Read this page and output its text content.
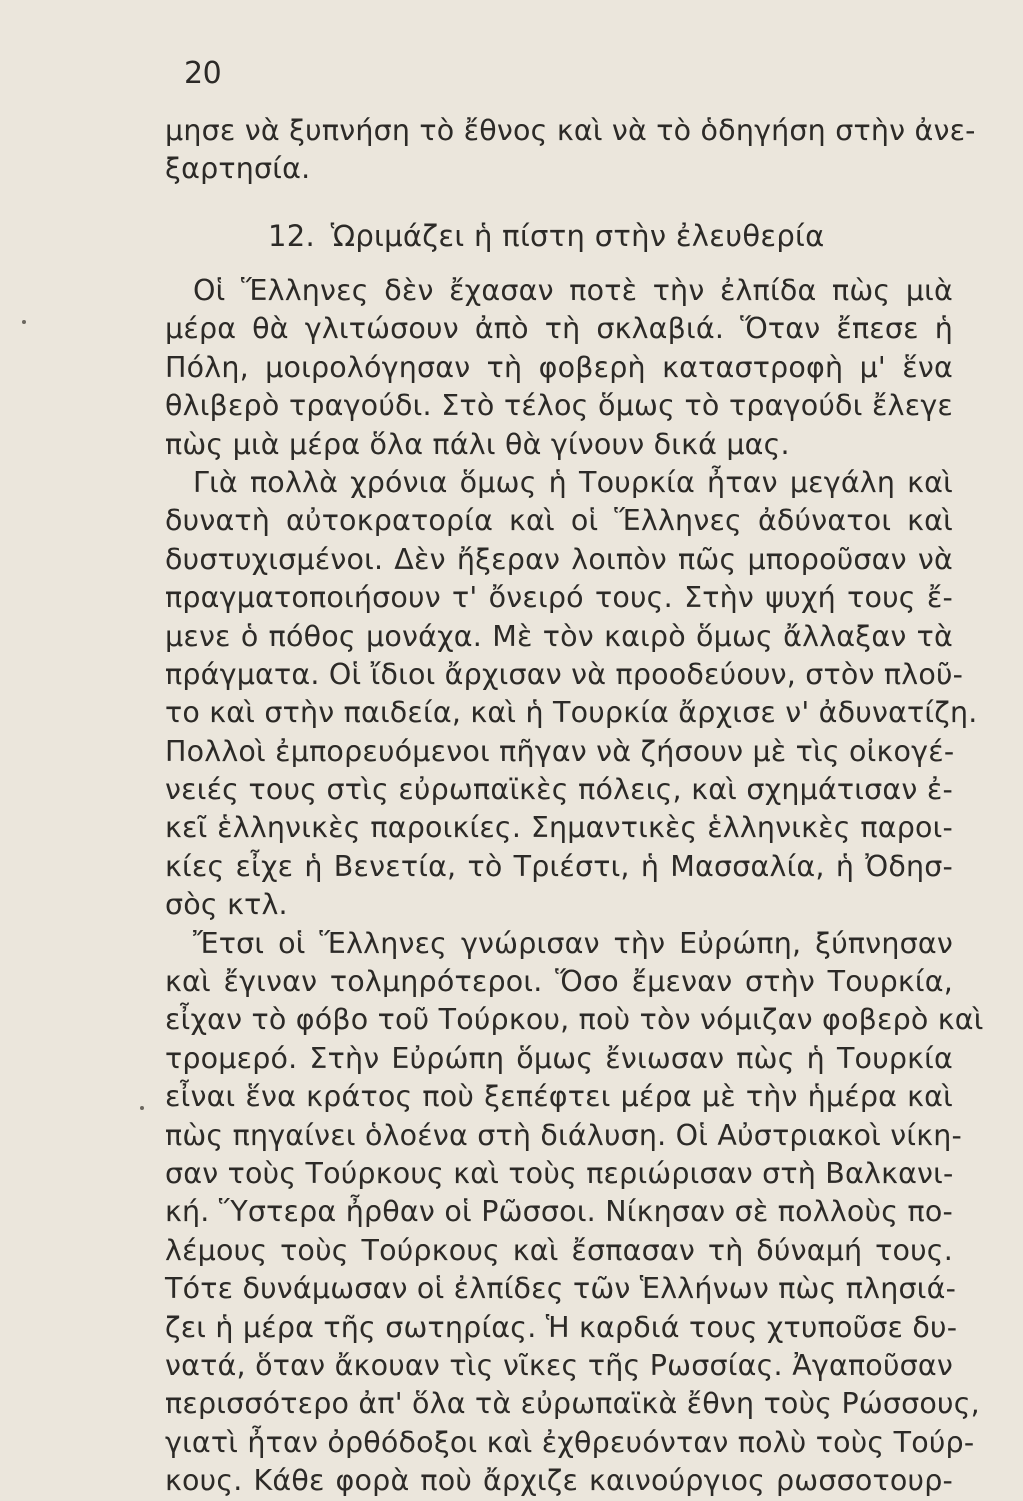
20
μησε νὰ ξυπνήση τὸ ἔθνος καὶ νὰ τὸ ὁδηγήση στὴν ἀνε-
ξαρτησία.
12. Ὡριμάζει ἡ πίστη στὴν ἐλευθερία
Οἱ Ἕλληνες δὲν ἔχασαν ποτὲ τὴν ἐλπίδα πὼς μιὰ
μέρα θὰ γλιτώσουν ἀπὸ τὴ σκλαβιά. Ὅταν ἔπεσε ἡ
Πόλη, μοιρολόγησαν τὴ φοβερὴ καταστροφὴ μ' ἕνα
θλιβερὸ τραγούδι. Στὸ τέλος ὅμως τὸ τραγούδι ἔλεγε
πὼς μιὰ μέρα ὅλα πάλι θὰ γίνουν δικά μας.
Γιὰ πολλὰ χρόνια ὅμως ἡ Τουρκία ἦταν μεγάλη καὶ
δυνατὴ αὐτοκρατορία καὶ οἱ Ἕλληνες ἀδύνατοι καὶ
δυστυχισμένοι. Δὲν ἤξεραν λοιπὸν πῶς μποροῦσαν νὰ
πραγματοποιήσουν τ' ὄνειρό τους. Στὴν ψυχή τους ἔ-
μενε ὁ πόθος μονάχα. Μὲ τὸν καιρὸ ὅμως ἄλλαξαν τὰ
πράγματα. Οἱ ἴδιοι ἄρχισαν νὰ προοδεύουν, στὸν πλοῦ-
το καὶ στὴν παιδεία, καὶ ἡ Τουρκία ἄρχισε ν' ἀδυνατίζη.
Πολλοὶ ἐμπορευόμενοι πῆγαν νὰ ζήσουν μὲ τὶς οἰκογέ-
νειές τους στὶς εὐρωπαϊκὲς πόλεις, καὶ σχημάτισαν ἐ-
κεῖ ἑλληνικὲς παροικίες. Σημαντικὲς ἑλληνικὲς παροι-
κίες εἶχε ἡ Βενετία, τὸ Τριέστι, ἡ Μασσαλία, ἡ Ὀδησ-
σὸς κτλ.
Ἔτσι οἱ Ἕλληνες γνώρισαν τὴν Εὐρώπη, ξύπνησαν
καὶ ἔγιναν τολμηρότεροι. Ὅσο ἔμεναν στὴν Τουρκία,
εἶχαν τὸ φόβο τοῦ Τούρκου, ποὺ τὸν νόμιζαν φοβερὸ καὶ
τρομερό. Στὴν Εὐρώπη ὅμως ἔνιωσαν πὼς ἡ Τουρκία
εἶναι ἕνα κράτος ποὺ ξεπέφτει μέρα μὲ τὴν ἡμέρα καὶ
πὼς πηγαίνει ὁλοένα στὴ διάλυση. Οἱ Αὐστριακοὶ νίκη-
σαν τοὺς Τούρκους καὶ τοὺς περιώρισαν στὴ Βαλκανι-
κή. Ὕστερα ἦρθαν οἱ Ρῶσσοι. Νίκησαν σὲ πολλοὺς πο-
λέμους τοὺς Τούρκους καὶ ἔσπασαν τὴ δύναμή τους.
Τότε δυνάμωσαν οἱ ἐλπίδες τῶν Ἑλλήνων πὼς πλησιά-
ζει ἡ μέρα τῆς σωτηρίας. Ἡ καρδιά τους χτυποῦσε δυ-
νατά, ὅταν ἄκουαν τὶς νῖκες τῆς Ρωσσίας. Ἀγαποῦσαν
περισσότερο ἀπ' ὅλα τὰ εὐρωπαϊκὰ ἔθνη τοὺς Ρώσσους,
γιατὶ ἦταν ὀρθόδοξοι καὶ ἐχθρευόνταν πολὺ τοὺς Τούρ-
κους. Κάθε φορὰ ποὺ ἄρχιζε καινούργιος ρωσσοτουρ-
